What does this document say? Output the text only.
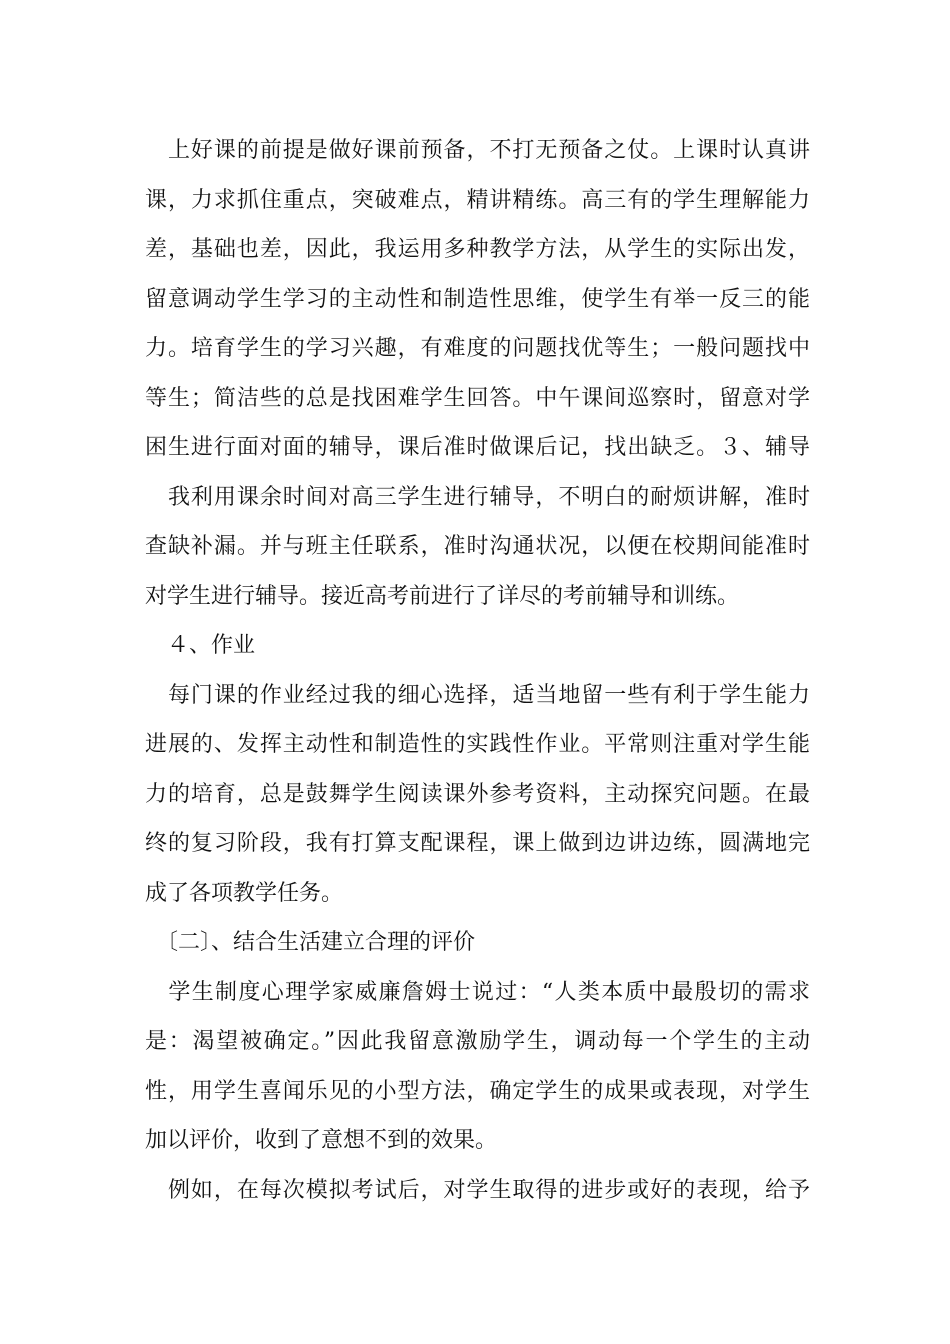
　上好课的前提是做好课前预备，不打无预备之仗。上课时认真讲
课，力求抓住重点，突破难点，精讲精练。高三有的学生理解能力
差，基础也差，因此，我运用多种教学方法，从学生的实际出发，
留意调动学生学习的主动性和制造性思维，使学生有举一反三的能
力。培育学生的学习兴趣，有难度的问题找优等生；一般问题找中
等生；简洁些的总是找困难学生回答。中午课间巡察时，留意对学
困生进行面对面的辅导，课后准时做课后记，找出缺乏。３、辅导
　我利用课余时间对高三学生进行辅导，不明白的耐烦讲解，准时
查缺补漏。并与班主任联系，准时沟通状况，以便在校期间能准时
对学生进行辅导。接近高考前进行了详尽的考前辅导和训练。
　４、作业
　每门课的作业经过我的细心选择，适当地留一些有利于学生能力
进展的、发挥主动性和制造性的实践性作业。平常则注重对学生能
力的培育，总是鼓舞学生阅读课外参考资料，主动探究问题。在最
终的复习阶段，我有打算支配课程，课上做到边讲边练，圆满地完
成了各项教学任务。
　〔二〕、结合生活建立合理的评价
　学生制度心理学家威廉詹姆士说过：“人类本质中最殷切的需求
是：渴望被确定。”因此我留意激励学生，调动每一个学生的主动
性，用学生喜闻乐见的小型方法，确定学生的成果或表现，对学生
加以评价，收到了意想不到的效果。
　例如，在每次模拟考试后，对学生取得的进步或好的表现，给予
